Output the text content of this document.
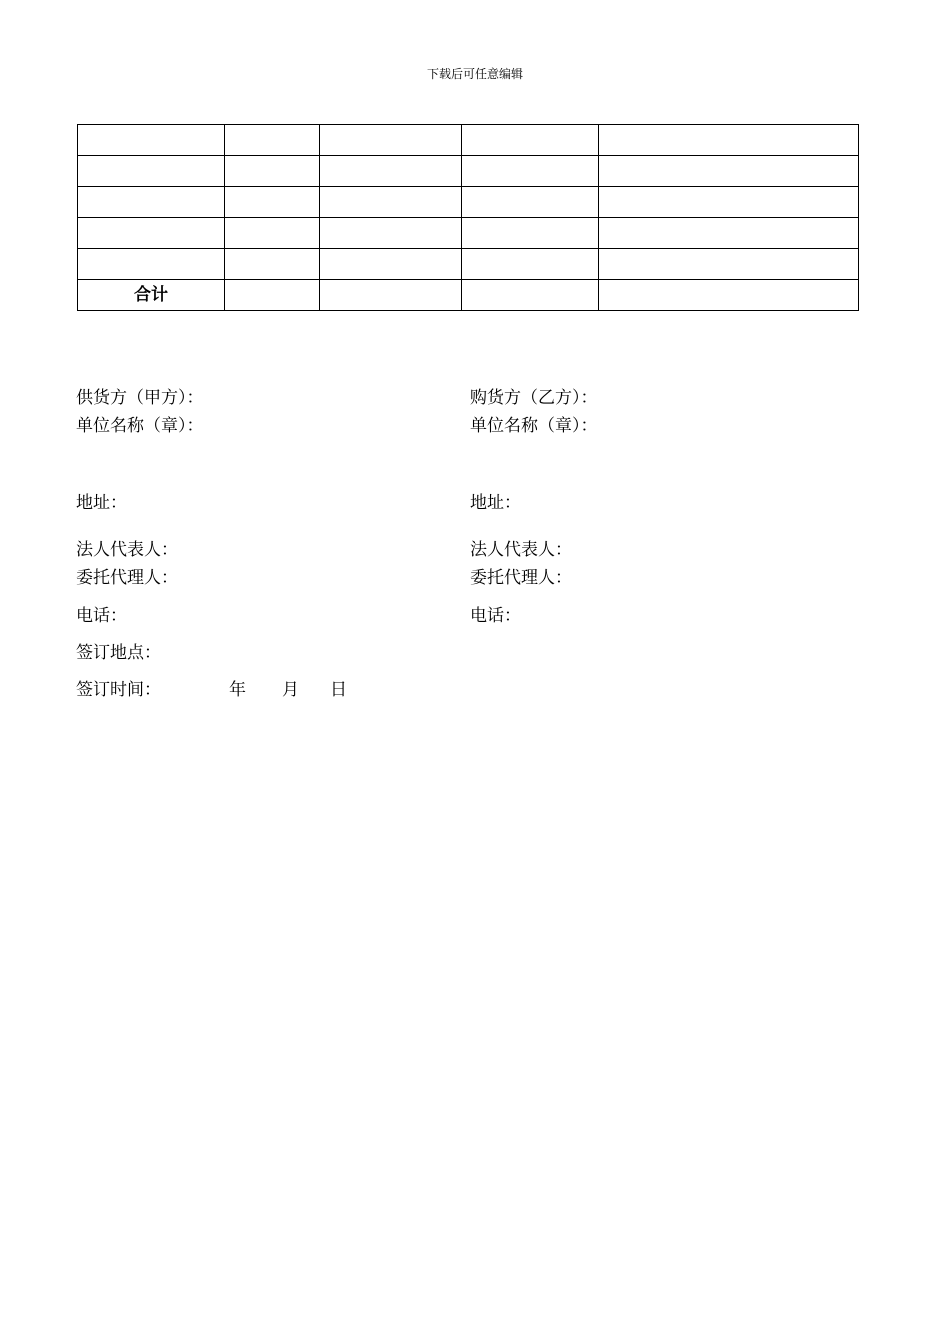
下载后可任意编辑

合计				
供货方（甲方）：	购货方（乙方）：
单位名称（章）：	单位名称（章）：
地址：	地址：
法人代表人：	法人代表人：
委托代理人：	委托代理人：
电话：	电话：
签订地点：
签订时间：	年 月 日
